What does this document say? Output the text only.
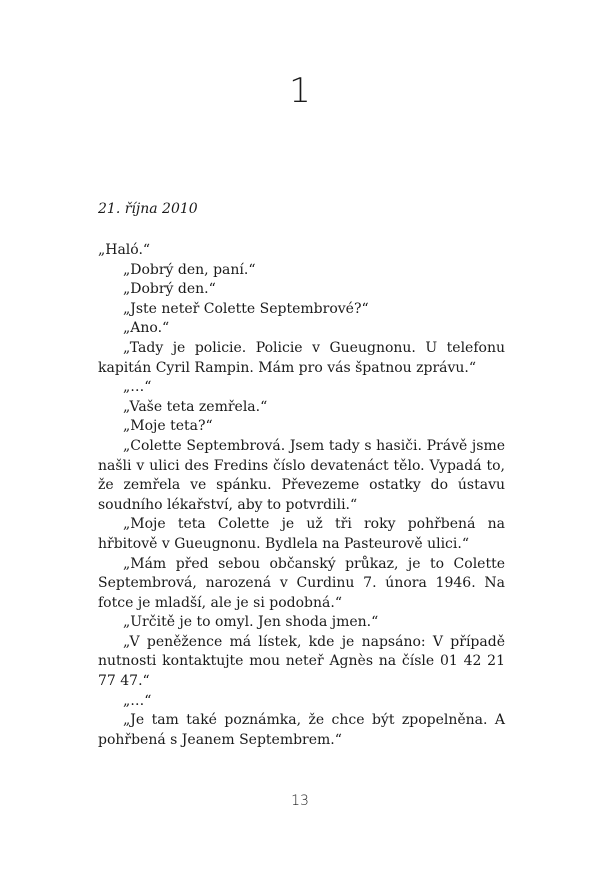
1
21. října 2010

„Haló.“

„Dobrý den, paní.“

„Dobrý den.“

„Jste neteř Colette Septembrové?“

„Ano.“

„Tady je policie. Policie v Gueugnonu. U telefonu kapitán Cyril Rampin. Mám pro vás špatnou zprávu.“

„…“

„Vaše teta zemřela.“

„Moje teta?“

„Colette Septembrová. Jsem tady s hasiči. Právě jsme našli v ulici des Fredins číslo devatenáct tělo. Vypadá to, že zemřela ve spánku. Převezeme ostatky do ústavu soudního lékařství, aby to potvrdili.“

„Moje teta Colette je už tři roky pohřbená na hřbitově v Gueugnonu. Bydlela na Pasteurově ulici.“

„Mám před sebou občanský průkaz, je to Colette Septembrová, narozená v Curdinu 7. února 1946. Na fotce je mladší, ale je si podobná.“

„Určitě je to omyl. Jen shoda jmen.“

„V peněžence má lístek, kde je napsáno: V případě nutnosti kontaktujte mou neteř Agnès na čísle 01 42 21 77 47.“

„…“

„Je tam také poznámka, že chce být zpopelněna. A pohřbená s Jeanem Septembrem.“

13
